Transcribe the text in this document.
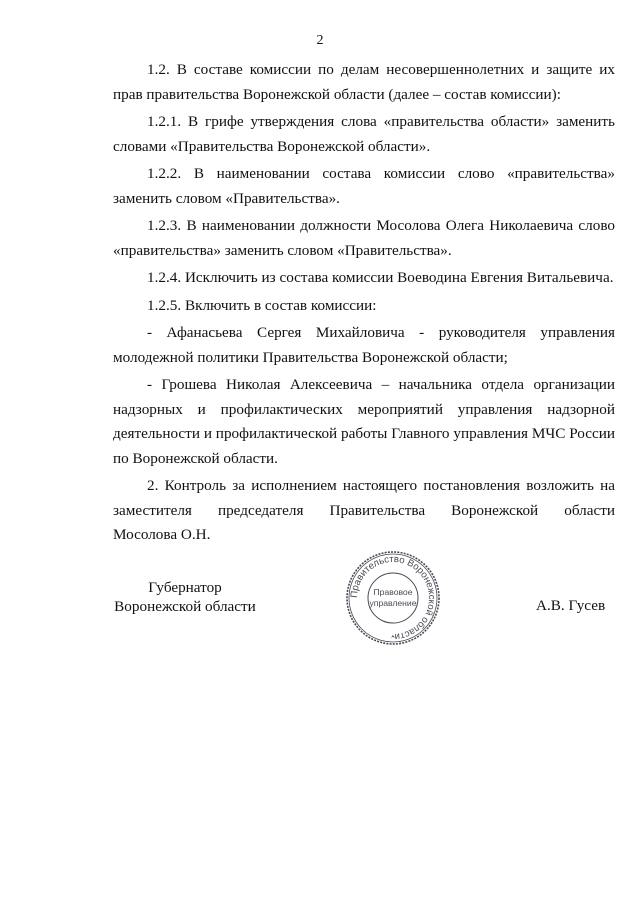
2

1.2. В составе комиссии по делам несовершеннолетних и защите их прав правительства Воронежской области (далее – состав комиссии):

1.2.1. В грифе утверждения слова «правительства области» заменить словами «Правительства Воронежской области».

1.2.2. В наименовании состава комиссии слово «правительства» заменить словом «Правительства».

1.2.3. В наименовании должности Мосолова Олега Николаевича слово «правительства» заменить словом «Правительства».

1.2.4. Исключить из состава комиссии Воеводина Евгения Витальевича.

1.2.5. Включить в состав комиссии:

- Афанасьева Сергея Михайловича - руководителя управления молодежной политики Правительства Воронежской области;

- Грошева Николая Алексеевича – начальника отдела организации надзорных и профилактических мероприятий управления надзорной деятельности и профилактической работы Главного управления МЧС России по Воронежской области.

2. Контроль за исполнением настоящего постановления возложить на

заместителя председателя Правительства Воронежской области

Мосолова О.Н.

Губернатор
Воронежской области	А.В. Гусев
Правительство Воронежской области
Правовое
управление
